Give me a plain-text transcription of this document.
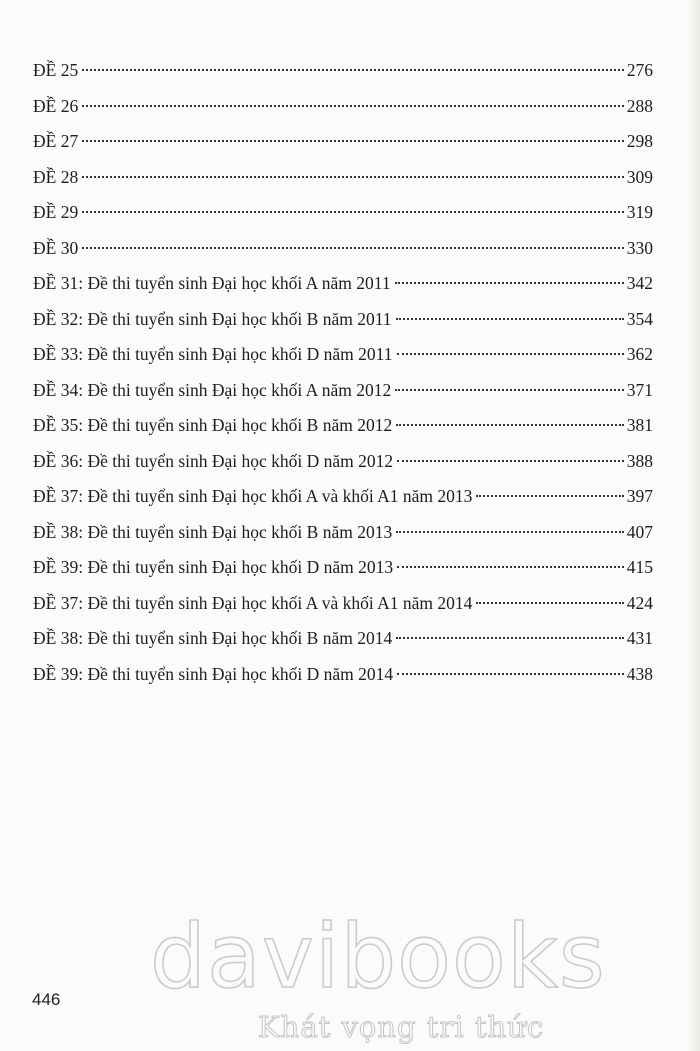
ĐỀ 25	276
ĐỀ 26	288
ĐỀ 27	298
ĐỀ 28	309
ĐỀ 29	319
ĐỀ 30	330
ĐỀ 31: Đề thi tuyển sinh Đại học khối A năm 2011	342
ĐỀ 32: Đề thi tuyển sinh Đại học khối B năm 2011	354
ĐỀ 33: Đề thi tuyển sinh Đại học khối D năm 2011	362
ĐỀ 34: Đề thi tuyển sinh Đại học khối A năm 2012	371
ĐỀ 35: Đề thi tuyển sinh Đại học khối B năm 2012	381
ĐỀ 36: Đề thi tuyển sinh Đại học khối D năm 2012	388
ĐỀ 37: Đề thi tuyển sinh Đại học khối A và khối A1 năm 2013	397
ĐỀ 38: Đề thi tuyển sinh Đại học khối B năm 2013	407
ĐỀ 39: Đề thi tuyển sinh Đại học khối D năm 2013	415
ĐỀ 37: Đề thi tuyển sinh Đại học khối A và khối A1 năm 2014	424
ĐỀ 38: Đề thi tuyển sinh Đại học khối B năm 2014	431
ĐỀ 39: Đề thi tuyển sinh Đại học khối D năm 2014	438
446 davibooks
Khát vọng tri thức
